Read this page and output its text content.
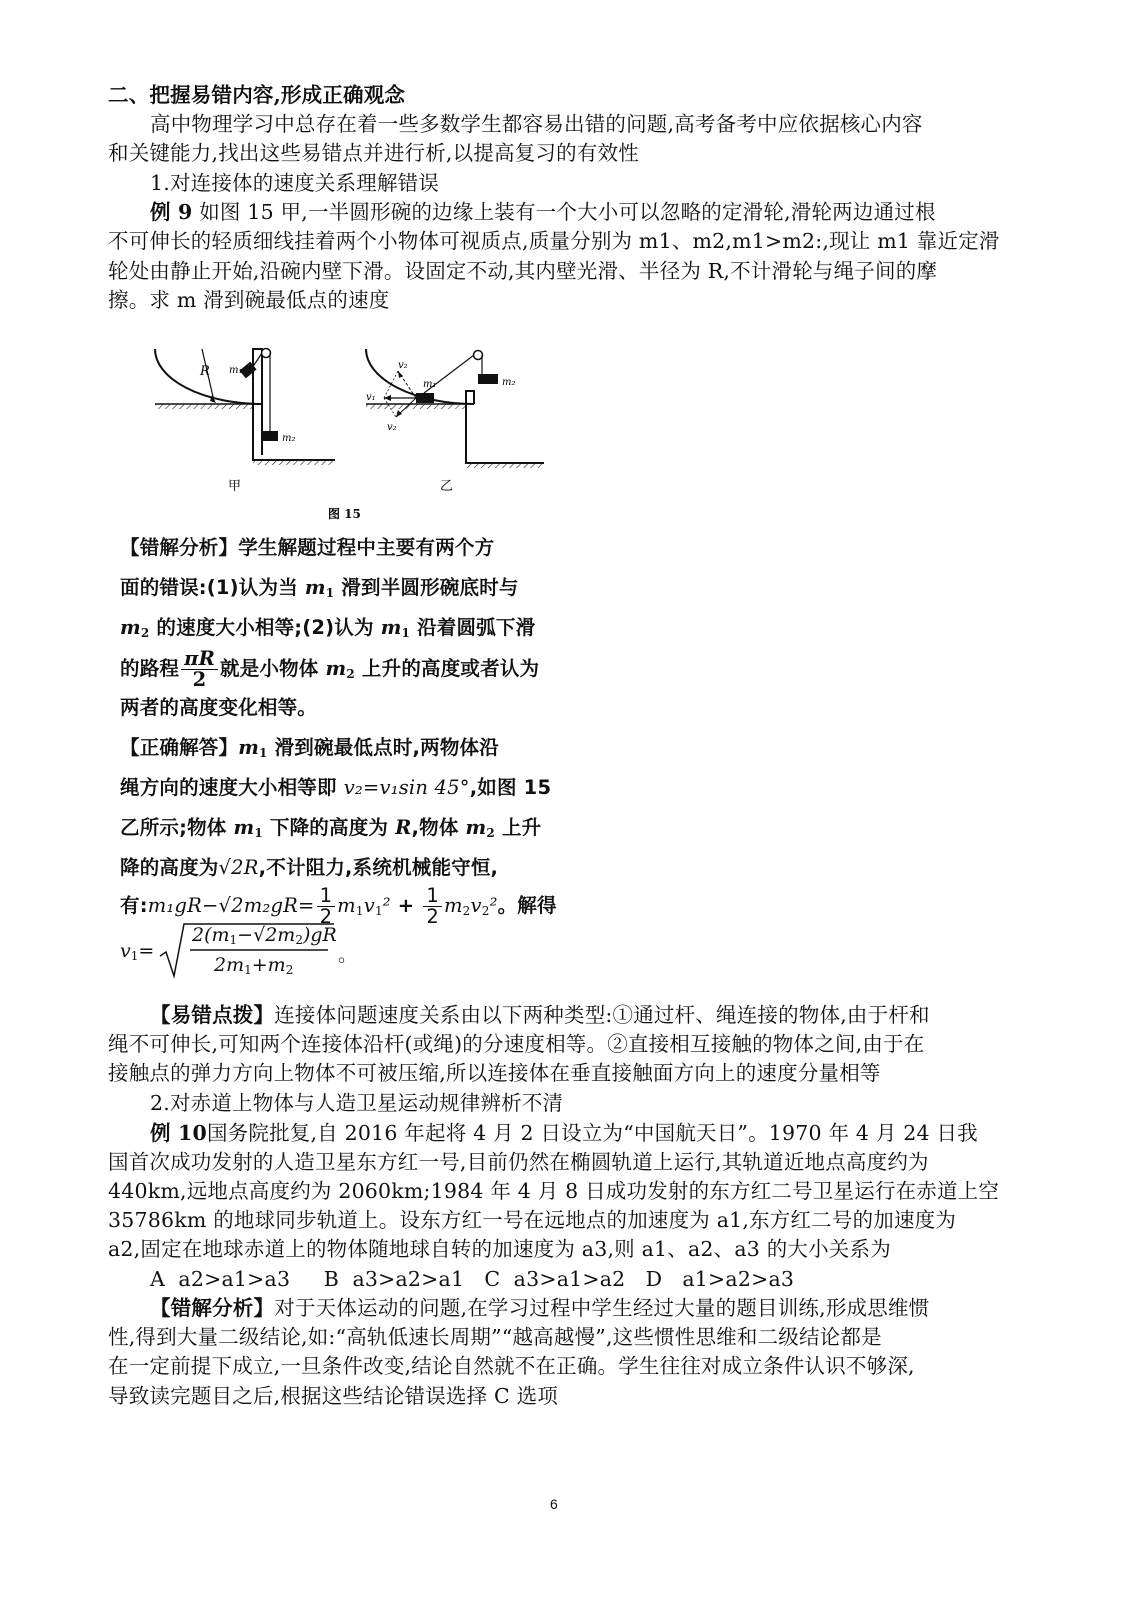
二、把握易错内容,形成正确观念
高中物理学习中总存在着一些多数学生都容易出错的问题,高考备考中应依据核心内容
和关键能力,找出这些易错点并进行析,以提高复习的有效性
1.对连接体的速度关系理解错误
例 9 如图 15 甲,一半圆形碗的边缘上装有一个大小可以忽略的定滑轮,滑轮两边通过根
不可伸长的轻质细线挂着两个小物体可视质点,质量分别为 m1、m2,m1>m2:,现让 m1 靠近定滑
轮处由静止开始,沿碗内壁下滑。设固定不动,其内壁光滑、半径为 R,不计滑轮与绳子间的摩
擦。求 m 滑到碗最低点的速度
R m₁
m₂
甲
m₁	m₂
v₁
v₂
v₂
乙
图 15
【错解分析】学生解题过程中主要有两个方
面的错误:(1)认为当 $m_1$ 滑到半圆形碗底时与
$m_2$ 的速度大小相等;(2)认为 $m_1$ 沿着圆弧下滑
的路程 $\frac{\pi R}{2}$ 就是小物体 $m_2$ 上升的高度或者认为
两者的高度变化相等。
【正确解答】$m_1$ 滑到碗最低点时,两物体沿
绳方向的速度大小相等即 v₂=v₁sin 45°,如图 15
乙所示;物体 $m_1$ 下降的高度为 R,物体 $m_2$ 上升
降的高度为√2R,不计阻力,系统机械能守恒,
有:m₁gR−√2m₂gR= $\frac{1}{2} m_1v_1^2 + \frac{1}{2} m_2v_2^2$。解得
$v_1=$
$2(m_1-√2m_2)gR$
$2m_1+m_2$
。
【易错点拨】连接体问题速度关系由以下两种类型:①通过杆、绳连接的物体,由于杆和
绳不可伸长,可知两个连接体沿杆(或绳)的分速度相等。②直接相互接触的物体之间,由于在
接触点的弹力方向上物体不可被压缩,所以连接体在垂直接触面方向上的速度分量相等
2.对赤道上物体与人造卫星运动规律辨析不清
例 10国务院批复,自 2016 年起将 4 月 2 日设立为“中国航天日”。1970 年 4 月 24 日我
国首次成功发射的人造卫星东方红一号,目前仍然在椭圆轨道上运行,其轨道近地点高度约为
440km,远地点高度约为 2060km;1984 年 4 月 8 日成功发射的东方红二号卫星运行在赤道上空
35786km 的地球同步轨道上。设东方红一号在远地点的加速度为 a1,东方红二号的加速度为
a2,固定在地球赤道上的物体随地球自转的加速度为 a3,则 a1、a2、a3 的大小关系为
A  a2>a1>a3     B  a3>a2>a1   C  a3>a1>a2   D   a1>a2>a3
【错解分析】对于天体运动的问题,在学习过程中学生经过大量的题目训练,形成思维惯
性,得到大量二级结论,如:“高轨低速长周期”“越高越慢”,这些惯性思维和二级结论都是
在一定前提下成立,一旦条件改变,结论自然就不在正确。学生往往对成立条件认识不够深,
导致读完题目之后,根据这些结论错误选择 C 选项
6
